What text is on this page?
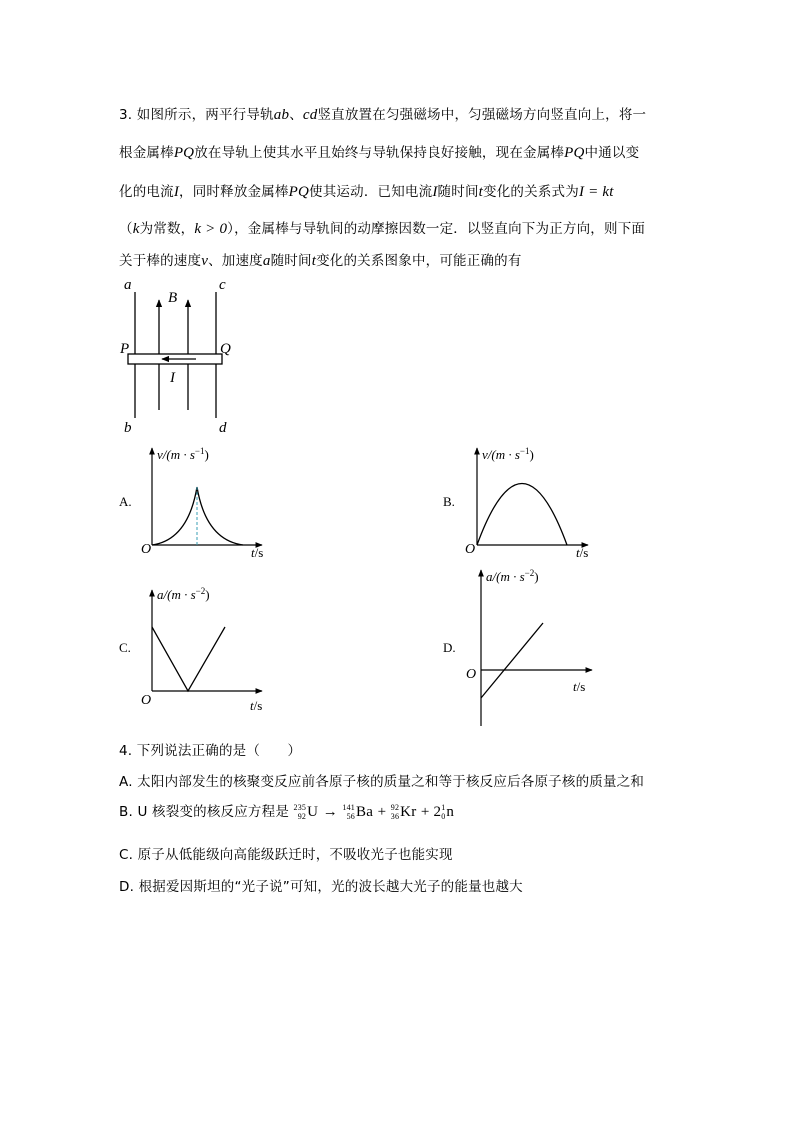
3. 如图所示，两平行导轨ab、cd竖直放置在匀强磁场中，匀强磁场方向竖直向上，将一
根金属棒PQ放在导轨上使其水平且始终与导轨保持良好接触，现在金属棒PQ中通以变
化的电流I，同时释放金属棒PQ使其运动．已知电流I随时间t变化的关系式为I = kt
（k为常数，k > 0），金属棒与导轨间的动摩擦因数一定．以竖直向下为正方向，则下面
关于棒的速度v、加速度a随时间t变化的关系图象中，可能正确的有
a	c
b	d
P	Q
B
I
$v/(m \cdot s^{-1})$
O	t/s
A.
$v/(m \cdot s^{-1})$
O	t/s
B.
$a/(m \cdot s^{-2})$
O	t/s
C.
$a/(m \cdot s^{-2})$
O
t/s
D.
4. 下列说法正确的是（　　）
A. 太阳内部发生的核聚变反应前各原子核的质量之和等于核反应后各原子核的质量之和
B. U 核裂变的核反应方程是 235
92 U → 141
56 Ba + 92
36 Kr + 2 1
0 n
C. 原子从低能级向高能级跃迁时，不吸收光子也能实现
D. 根据爱因斯坦的“光子说”可知，光的波长越大光子的能量也越大
